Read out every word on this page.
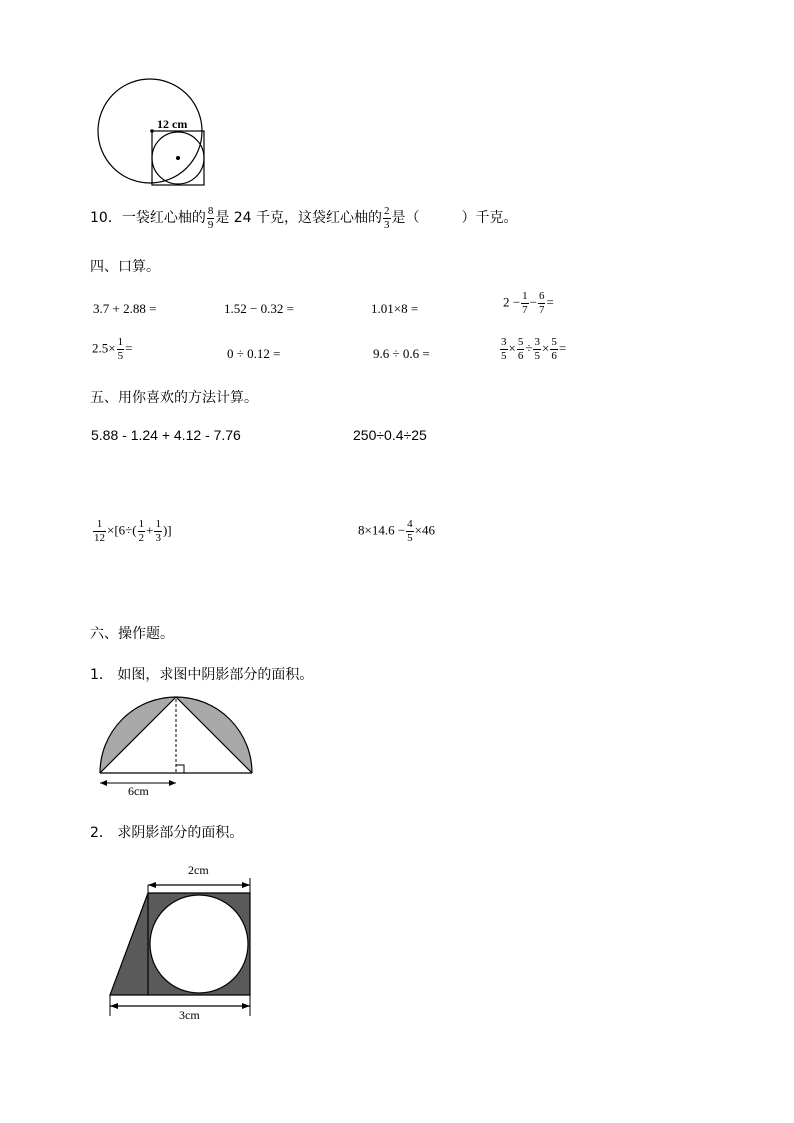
12 cm
10．一袋红心柚的 $\frac{8}{9}$ 是 24 千克，这袋红心柚的 $\frac{2}{3}$ 是（　　　）千克。
四、口算。
3.7 + 2.88 =	1.52 − 0.32 =	1.01×8 =	$2 - \frac{1}{7} - \frac{6}{7}$ =
$2.5\times \frac{1}{5}$ =	0 ÷ 0.12 =	9.6 ÷ 0.6 =	$\frac{3}{5} \times \frac{5}{6} \div \frac{3}{5} \times \frac{5}{6}$ =
五、用你喜欢的方法计算。
5.88 - 1.24 + 4.12 - 7.76	250÷0.4÷25
$\frac{1}{12} \times[6\div( \frac{1}{2} + \frac{1}{3}$ )]	$8\times 14.6 - \frac{4}{5} \times 46$
六、操作题。
1． 如图，求图中阴影部分的面积。
6cm
2． 求阴影部分的面积。
2cm
3cm
